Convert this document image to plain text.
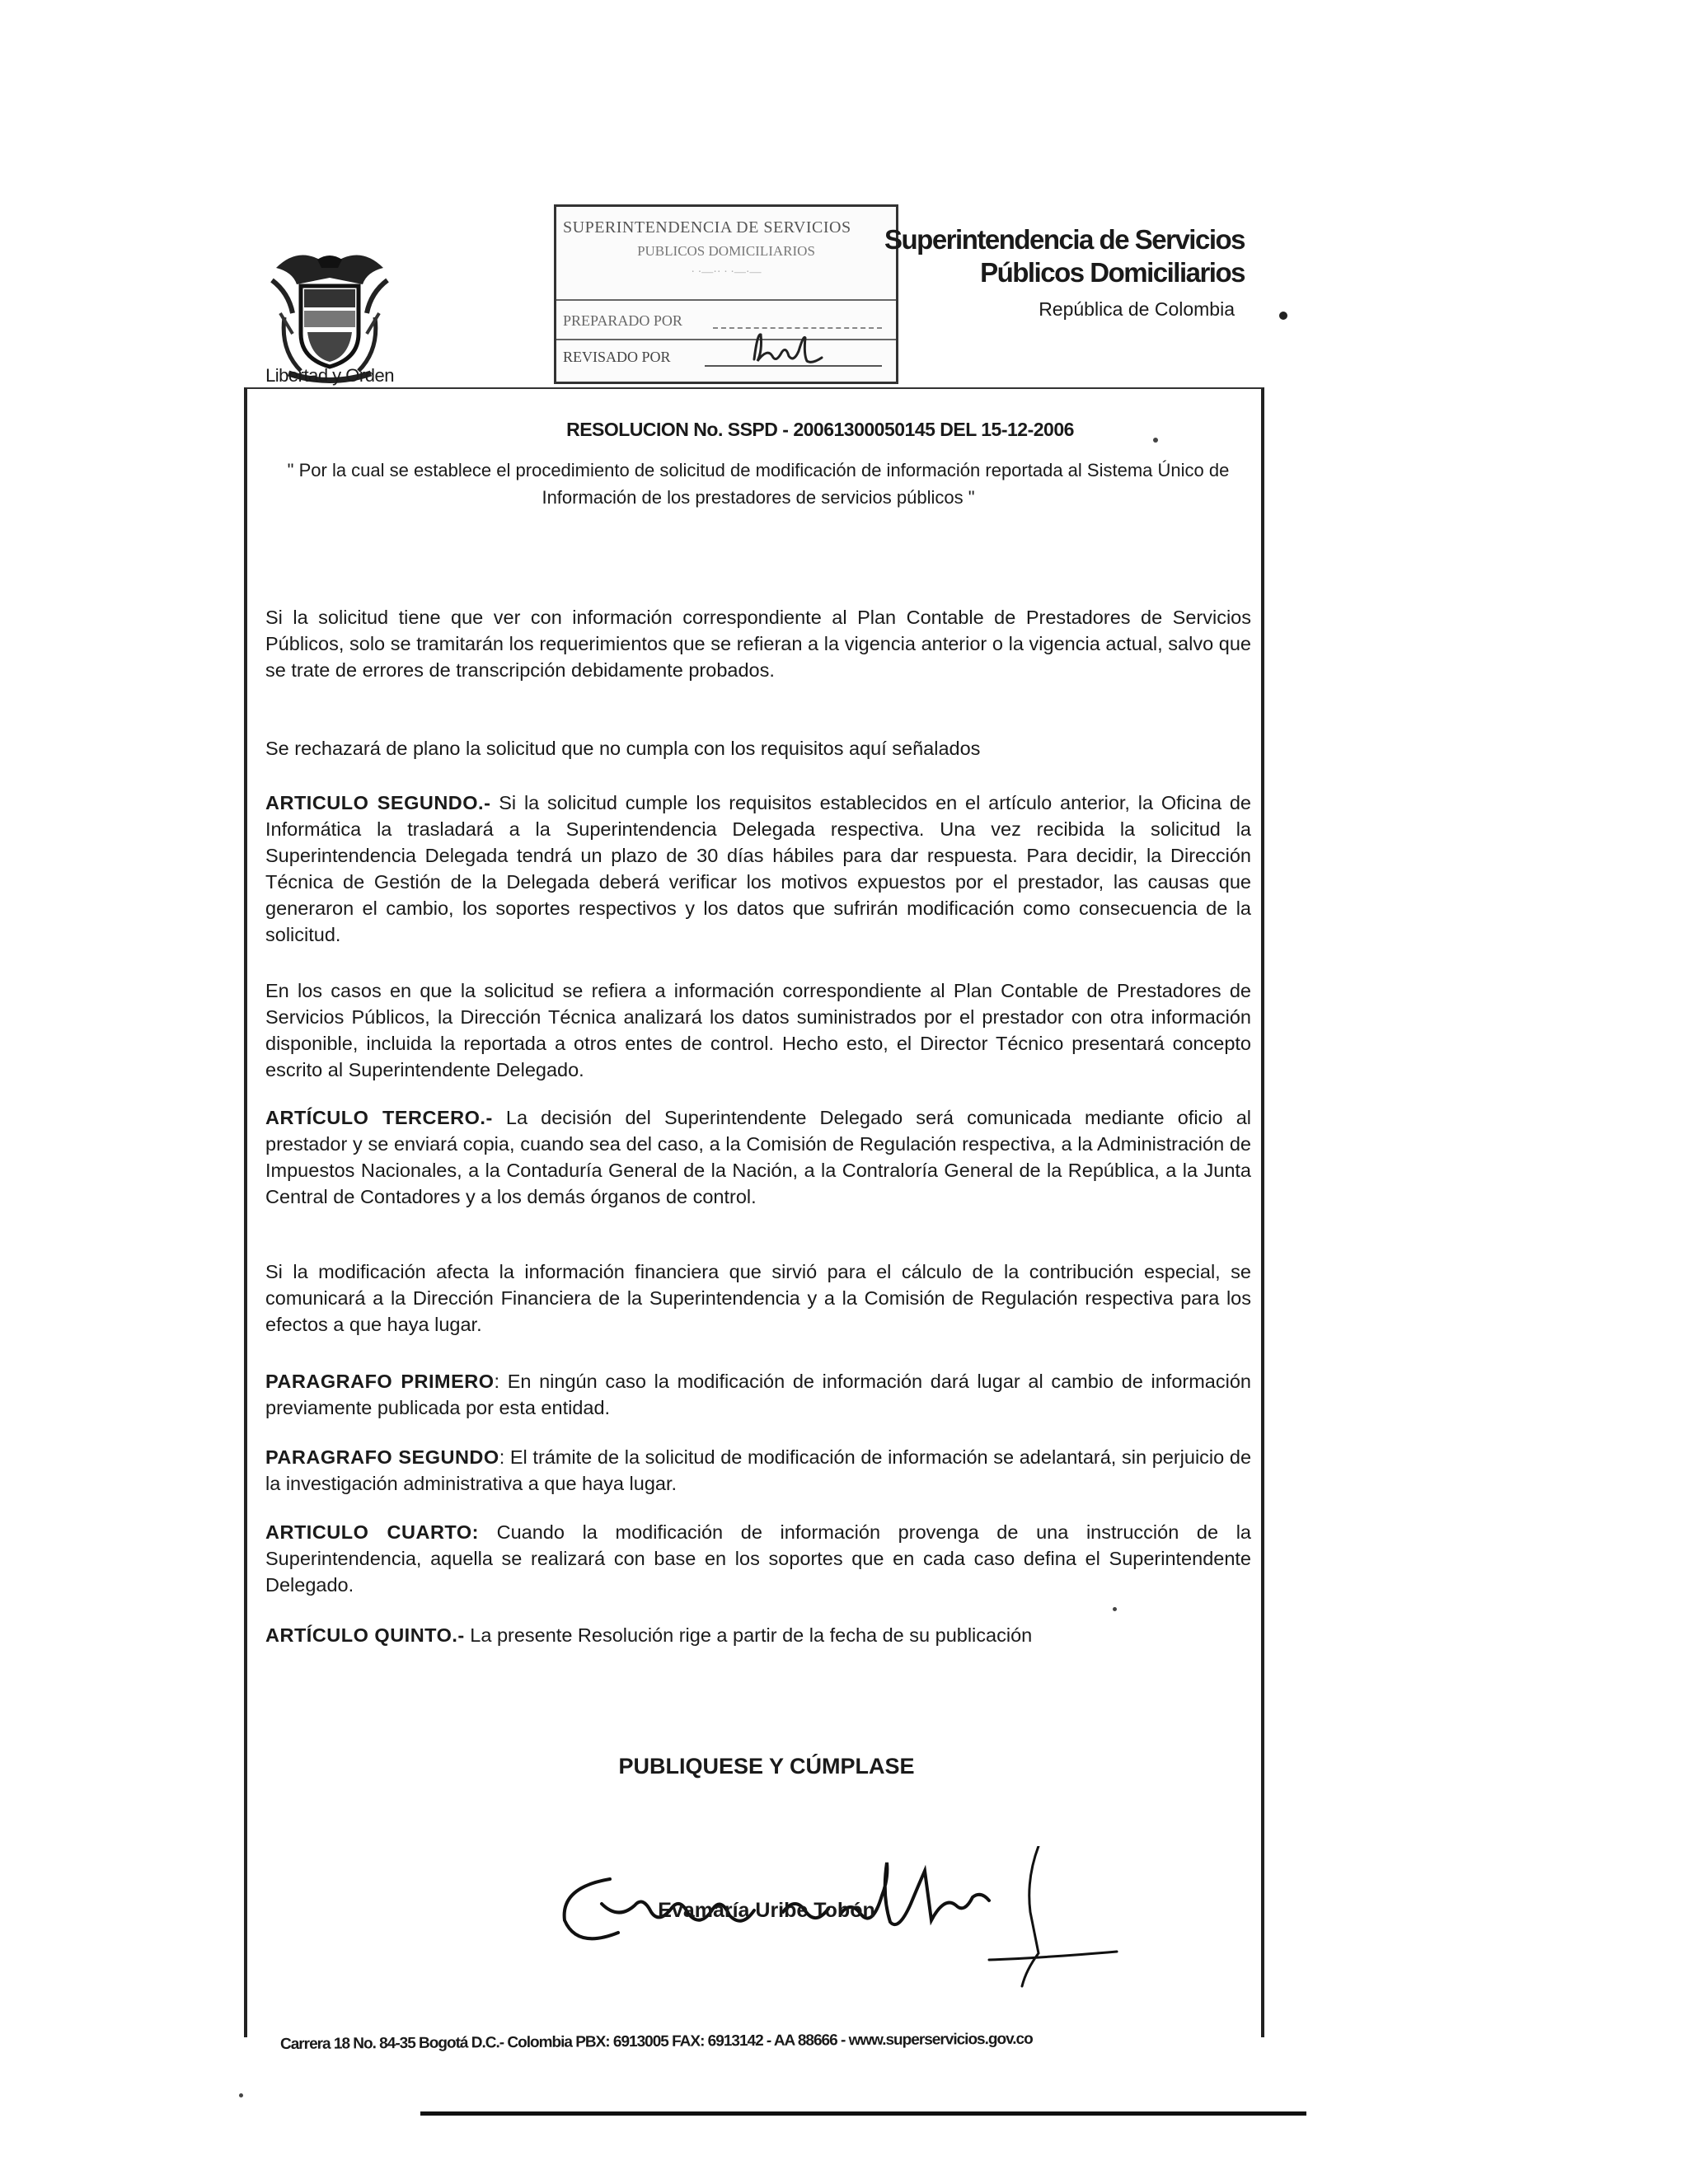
Libertad y Orden
SUPERINTENDENCIA DE SERVICIOS
PUBLICOS DOMICILIARIOS
· ·—·· · ·—·—
PREPARADO POR
REVISADO POR
Superintendencia de Servicios
Públicos Domiciliarios
República de Colombia
RESOLUCION No. SSPD - 20061300050145 DEL 15-12-2006
" Por la cual se establece el procedimiento de solicitud de modificación de información reportada al Sistema Único de Información de los prestadores de servicios públicos "
Si la solicitud tiene que ver con información correspondiente al Plan Contable de Prestadores de Servicios Públicos, solo se tramitarán los requerimientos que se refieran a la vigencia anterior o la vigencia actual, salvo que se trate de errores de transcripción debidamente probados.
Se rechazará de plano la solicitud que no cumpla con los requisitos aquí señalados
ARTICULO SEGUNDO.- Si la solicitud cumple los requisitos establecidos en el artículo anterior, la Oficina de Informática la trasladará a la Superintendencia Delegada respectiva. Una vez recibida la solicitud la Superintendencia Delegada tendrá un plazo de 30 días hábiles para dar respuesta. Para decidir, la Dirección Técnica de Gestión de la Delegada deberá verificar los motivos expuestos por el prestador, las causas que generaron el cambio, los soportes respectivos y los datos que sufrirán modificación como consecuencia de la solicitud.
En los casos en que la solicitud se refiera a información correspondiente al Plan Contable de Prestadores de Servicios Públicos, la Dirección Técnica analizará los datos suministrados por el prestador con otra información disponible, incluida la reportada a otros entes de control. Hecho esto, el Director Técnico presentará concepto escrito al Superintendente Delegado.
ARTÍCULO TERCERO.- La decisión del Superintendente Delegado será comunicada mediante oficio al prestador y se enviará copia, cuando sea del caso, a la Comisión de Regulación respectiva, a la Administración de Impuestos Nacionales, a la Contaduría General de la Nación, a la Contraloría General de la República, a la Junta Central de Contadores y a los demás órganos de control.
Si la modificación afecta la información financiera que sirvió para el cálculo de la contribución especial, se comunicará a la Dirección Financiera de la Superintendencia y a la Comisión de Regulación respectiva para los efectos a que haya lugar.
PARAGRAFO PRIMERO: En ningún caso la modificación de información dará lugar al cambio de información previamente publicada por esta entidad.
PARAGRAFO SEGUNDO: El trámite de la solicitud de modificación de información se adelantará, sin perjuicio de la investigación administrativa a que haya lugar.
ARTICULO CUARTO: Cuando la modificación de información provenga de una instrucción de la Superintendencia, aquella se realizará con base en los soportes que en cada caso defina el Superintendente Delegado.
ARTÍCULO QUINTO.- La presente Resolución rige a partir de la fecha de su publicación
PUBLIQUESE Y CÚMPLASE
Evamaría Uribe Tobón
Carrera 18 No. 84-35 Bogotá D.C.- Colombia PBX: 6913005 FAX: 6913142 - AA 88666 - www.superservicios.gov.co
